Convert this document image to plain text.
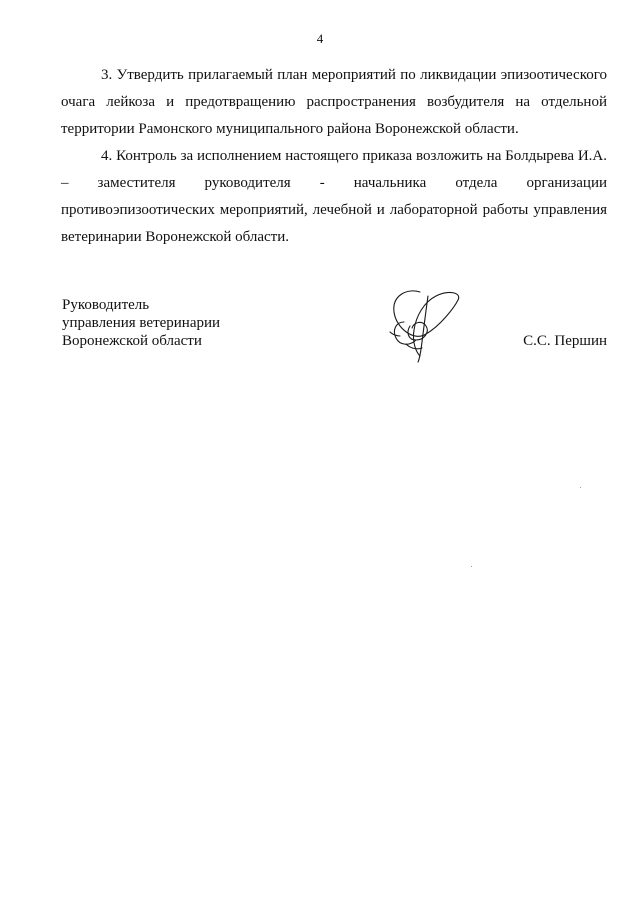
4

3. Утвердить прилагаемый план мероприятий по ликвидации эпизоотического очага лейкоза и предотвращению распространения возбудителя на отдельной территории Рамонского муниципального района Воронежской области.

4. Контроль за исполнением настоящего приказа возложить на Болдырева И.А. – заместителя руководителя - начальника отдела организации противоэпизоотических мероприятий, лечебной и лабораторной работы управления ветеринарии Воронежской области.

Руководитель
управления ветеринарии
Воронежской области	С.С. Першин
